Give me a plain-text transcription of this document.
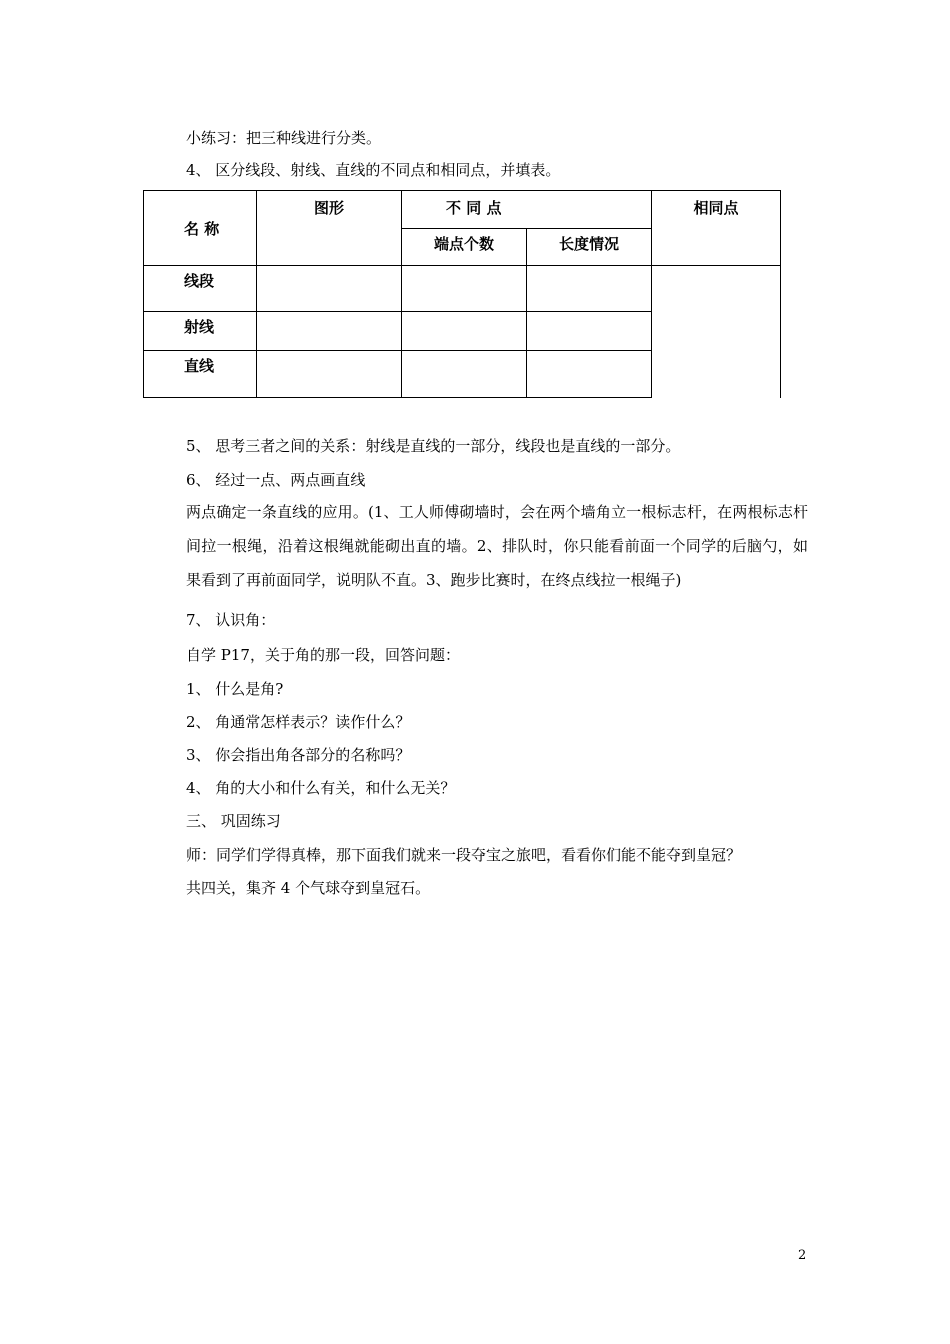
小练习：把三种线进行分类。
4、 区分线段、射线、直线的不同点和相同点，并填表。
名 称	图形	不 同 点		相同点
		端点个数	长度情况	
线段				
射线				
直线				
5、 思考三者之间的关系：射线是直线的一部分，线段也是直线的一部分。
6、 经过一点、两点画直线
两点确定一条直线的应用。(1、工人师傅砌墙时，会在两个墙角立一根标志杆，在两根标志杆间拉一根绳，沿着这根绳就能砌出直的墙。2、排队时，你只能看前面一个同学的后脑勺，如果看到了再前面同学，说明队不直。3、跑步比赛时，在终点线拉一根绳子)
7、 认识角：
自学 P17，关于角的那一段，回答问题：
1、 什么是角?
2、 角通常怎样表示？读作什么？
3、 你会指出角各部分的名称吗？
4、 角的大小和什么有关，和什么无关？
三、 巩固练习
师：同学们学得真棒，那下面我们就来一段夺宝之旅吧，看看你们能不能夺到皇冠？
共四关，集齐 4 个气球夺到皇冠石。
2
